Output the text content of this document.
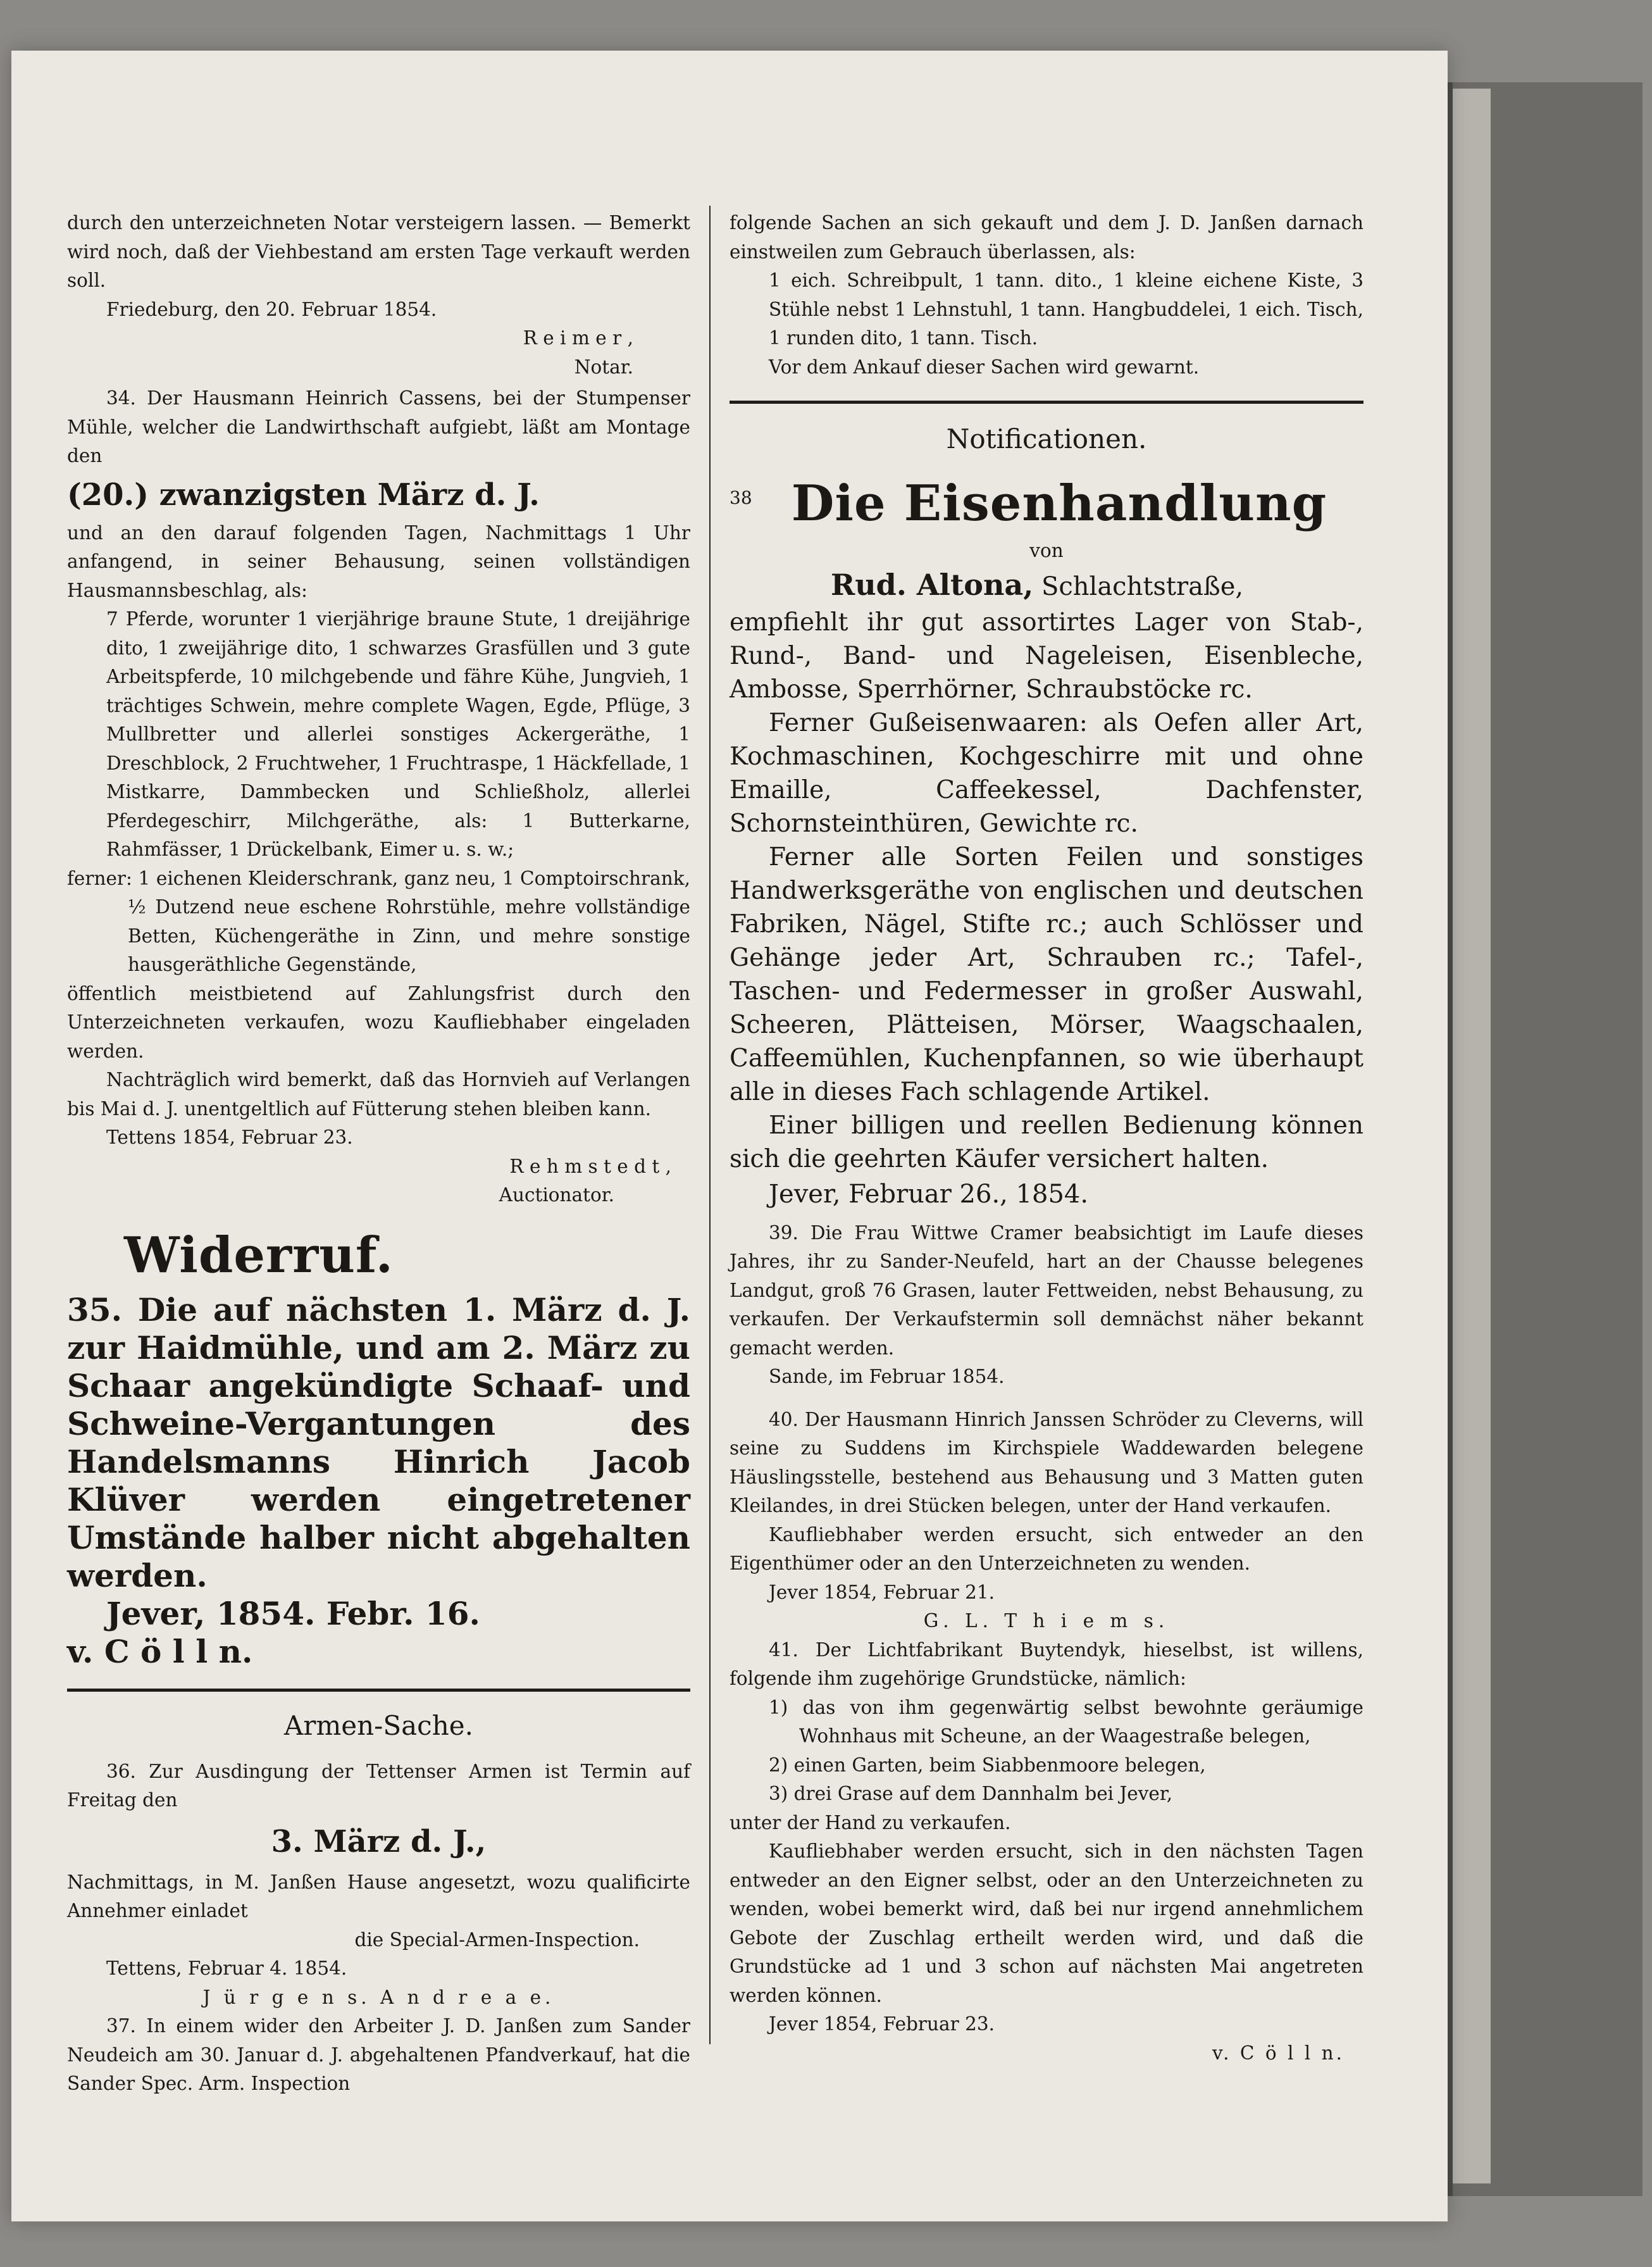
durch den unterzeichneten Notar versteigern lassen. — Bemerkt wird noch, daß der Viehbestand am ersten Tage verkauft werden soll.

Friedeburg, den 20. Februar 1854.

R e i m e r ,

Notar.

34. Der Hausmann Heinrich Cassens, bei der Stumpenser Mühle, welcher die Landwirthschaft aufgiebt, läßt am Montage den

(20.) zwanzigsten März d. J.

und an den darauf folgenden Tagen, Nachmittags 1 Uhr anfangend, in seiner Behausung, seinen vollständigen Hausmannsbeschlag, als:

7 Pferde, worunter 1 vierjährige braune Stute, 1 dreijährige dito, 1 zweijährige dito, 1 schwarzes Grasfüllen und 3 gute Arbeitspferde, 10 milchgebende und fähre Kühe, Jungvieh, 1 trächtiges Schwein, mehre complete Wagen, Egde, Pflüge, 3 Mullbretter und allerlei sonstiges Ackergeräthe, 1 Dreschblock, 2 Fruchtweher, 1 Fruchtraspe, 1 Häckfellade, 1 Mistkarre, Dammbecken und Schließholz, allerlei Pferdegeschirr, Milchgeräthe, als: 1 Butterkarne, Rahmfässer, 1 Drückelbank, Eimer u. s. w.;

ferner: 1 eichenen Kleiderschrank, ganz neu, 1 Comptoirschrank, ½ Dutzend neue eschene Rohrstühle, mehre vollständige Betten, Küchengeräthe in Zinn, und mehre sonstige hausgeräthliche Gegenstände,

öffentlich meistbietend auf Zahlungsfrist durch den Unterzeichneten verkaufen, wozu Kaufliebhaber eingeladen werden.

Nachträglich wird bemerkt, daß das Hornvieh auf Verlangen bis Mai d. J. unentgeltlich auf Fütterung stehen bleiben kann.

Tettens 1854, Februar 23.

R e h m s t e d t ,

Auctionator.

Widerruf.

35. Die auf nächsten 1. März d. J. zur Haidmühle, und am 2. März zu Schaar angekündigte Schaaf- und Schweine-Vergantungen des Handelsmanns Hinrich Jacob Klüver werden eingetretener Umstände halber nicht abgehalten werden.

Jever, 1854. Febr. 16.

v. C ö l l n.

Armen-Sache.

36. Zur Ausdingung der Tettenser Armen ist Termin auf Freitag den

3. März d. J.,

Nachmittags, in M. Janßen Hause angesetzt, wozu qualificirte Annehmer einladet

die Special-Armen-Inspection.

Tettens, Februar 4. 1854.

J ü r g e n s. A n d r e a e.

37. In einem wider den Arbeiter J. D. Janßen zum Sander Neudeich am 30. Januar d. J. abgehaltenen Pfandverkauf, hat die Sander Spec. Arm. Inspection

folgende Sachen an sich gekauft und dem J. D. Janßen darnach einstweilen zum Gebrauch überlassen, als:

1 eich. Schreibpult, 1 tann. dito., 1 kleine eichene Kiste, 3 Stühle nebst 1 Lehnstuhl, 1 tann. Hangbuddelei, 1 eich. Tisch, 1 runden dito, 1 tann. Tisch.

Vor dem Ankauf dieser Sachen wird gewarnt.

Notificationen.

38 Die Eisenhandlung

von

Rud. Altona, Schlachtstraße,

empfiehlt ihr gut assortirtes Lager von Stab-, Rund-, Band- und Nageleisen, Eisenbleche, Ambosse, Sperrhörner, Schraubstöcke rc.

Ferner Gußeisenwaaren: als Oefen aller Art, Kochmaschinen, Kochgeschirre mit und ohne Emaille, Caffeekessel, Dachfenster, Schornsteinthüren, Gewichte rc.

Ferner alle Sorten Feilen und sonstiges Handwerksgeräthe von englischen und deutschen Fabriken, Nägel, Stifte rc.; auch Schlösser und Gehänge jeder Art, Schrauben rc.; Tafel-, Taschen- und Federmesser in großer Auswahl, Scheeren, Plätteisen, Mörser, Waagschaalen, Caffeemühlen, Kuchenpfannen, so wie überhaupt alle in dieses Fach schlagende Artikel.

Einer billigen und reellen Bedienung können sich die geehrten Käufer versichert halten.

Jever, Februar 26., 1854.

39. Die Frau Wittwe Cramer beabsichtigt im Laufe dieses Jahres, ihr zu Sander-Neufeld, hart an der Chausse belegenes Landgut, groß 76 Grasen, lauter Fettweiden, nebst Behausung, zu verkaufen. Der Verkaufstermin soll demnächst näher bekannt gemacht werden.

Sande, im Februar 1854.

40. Der Hausmann Hinrich Janssen Schröder zu Cleverns, will seine zu Suddens im Kirchspiele Waddewarden belegene Häuslingsstelle, bestehend aus Behausung und 3 Matten guten Kleilandes, in drei Stücken belegen, unter der Hand verkaufen.

Kaufliebhaber werden ersucht, sich entweder an den Eigenthümer oder an den Unterzeichneten zu wenden.

Jever 1854, Februar 21.

G. L. T h i e m s.

41. Der Lichtfabrikant Buytendyk, hieselbst, ist willens, folgende ihm zugehörige Grundstücke, nämlich:

1) das von ihm gegenwärtig selbst bewohnte geräumige Wohnhaus mit Scheune, an der Waagestraße belegen,

2) einen Garten, beim Siabbenmoore belegen,

3) drei Grase auf dem Dannhalm bei Jever,

unter der Hand zu verkaufen.

Kaufliebhaber werden ersucht, sich in den nächsten Tagen entweder an den Eigner selbst, oder an den Unterzeichneten zu wenden, wobei bemerkt wird, daß bei nur irgend annehmlichem Gebote der Zuschlag ertheilt werden wird, und daß die Grundstücke ad 1 und 3 schon auf nächsten Mai angetreten werden können.

Jever 1854, Februar 23.

v. C ö l l n.
